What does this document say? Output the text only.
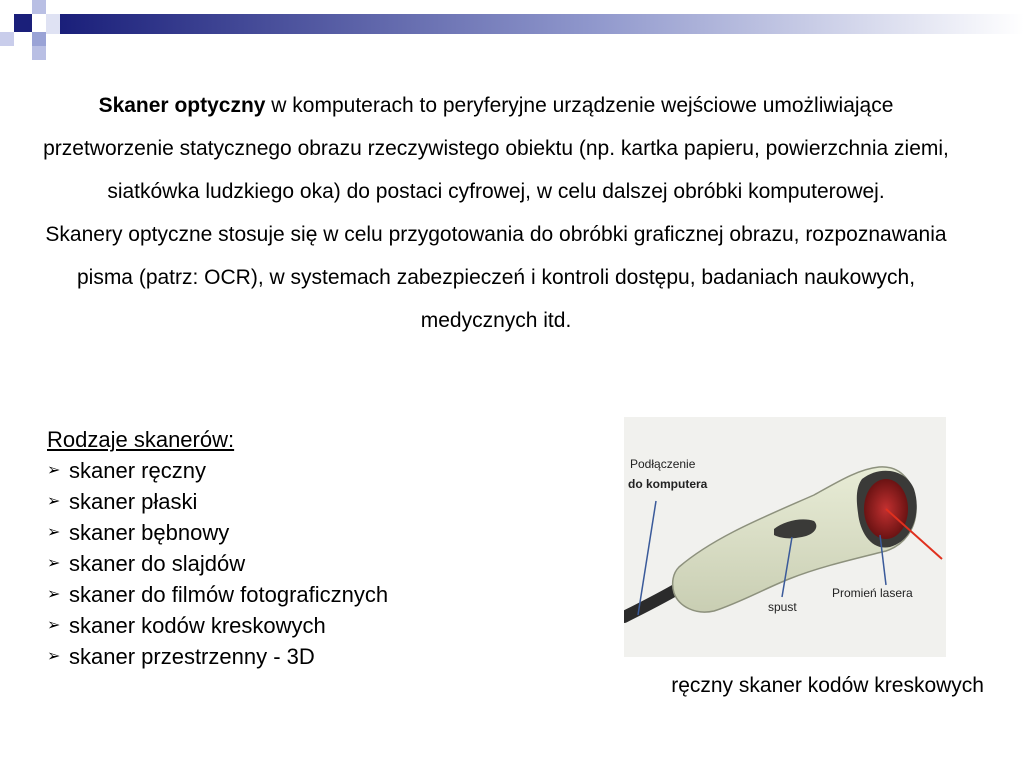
Skaner optyczny w komputerach to peryferyjne urządzenie wejściowe umożliwiające przetworzenie statycznego obrazu rzeczywistego obiektu (np. kartka papieru, powierzchnia ziemi, siatkówka ludzkiego oka) do postaci cyfrowej, w celu dalszej obróbki komputerowej.
Skanery optyczne stosuje się w celu przygotowania do obróbki graficznej obrazu, rozpoznawania pisma (patrz: OCR), w systemach zabezpieczeń i kontroli dostępu, badaniach naukowych, medycznych itd.
Rodzaje skanerów:
➢ skaner ręczny
➢ skaner płaski
➢ skaner bębnowy
➢ skaner do slajdów
➢ skaner do filmów fotograficznych
➢ skaner kodów kreskowych
➢ skaner przestrzenny - 3D
Podłączenie
do komputera
spust
Promień lasera
ręczny skaner kodów kreskowych
